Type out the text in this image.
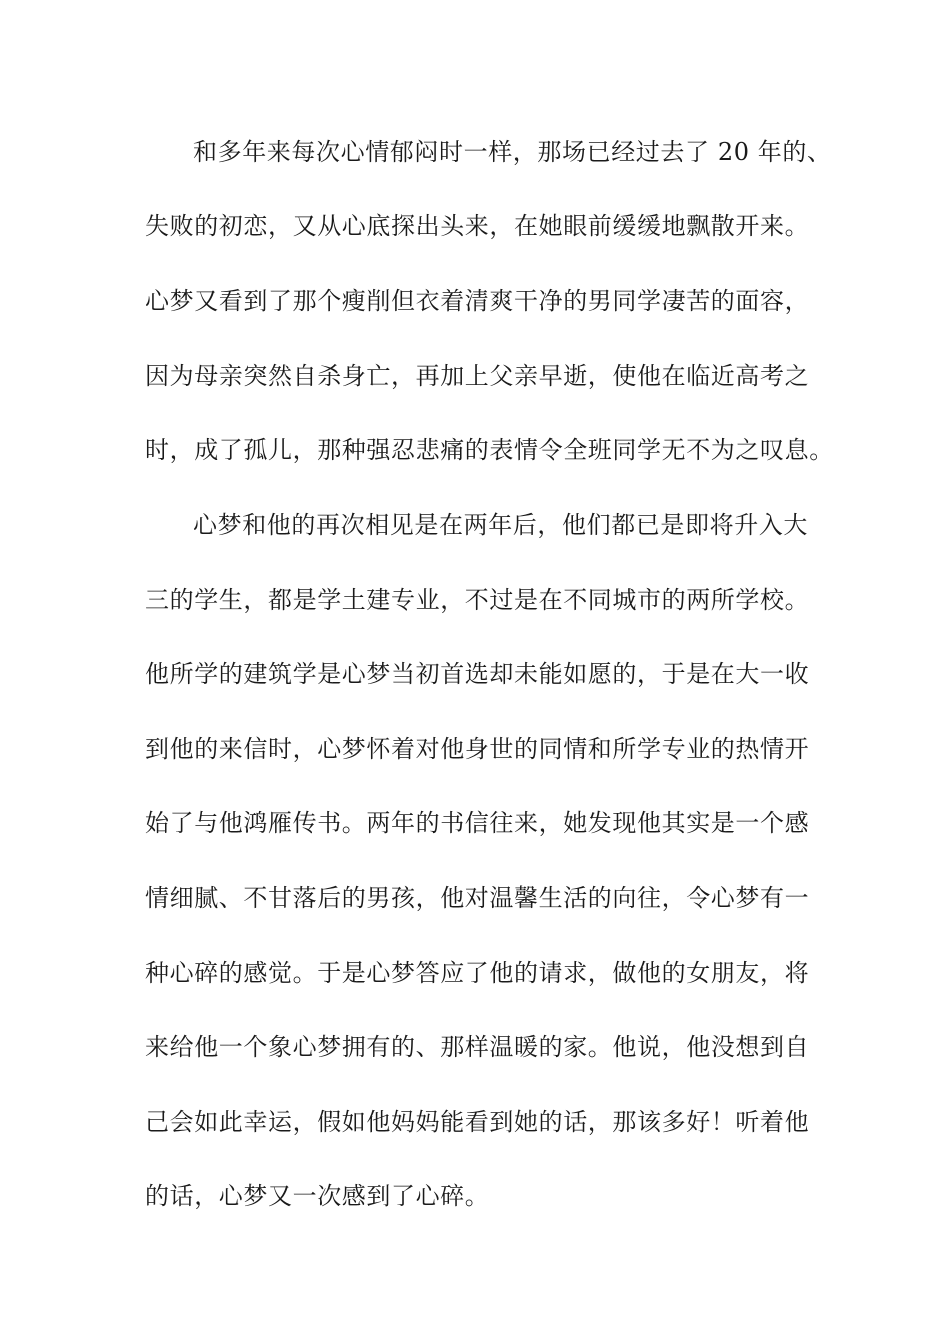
和多年来每次心情郁闷时一样，那场已经过去了 20 年的、
失败的初恋，又从心底探出头来，在她眼前缓缓地飘散开来。
心梦又看到了那个瘦削但衣着清爽干净的男同学凄苦的面容，
因为母亲突然自杀身亡，再加上父亲早逝，使他在临近高考之
时，成了孤儿，那种强忍悲痛的表情令全班同学无不为之叹息。
心梦和他的再次相见是在两年后，他们都已是即将升入大
三的学生，都是学土建专业，不过是在不同城市的两所学校。
他所学的建筑学是心梦当初首选却未能如愿的，于是在大一收
到他的来信时，心梦怀着对他身世的同情和所学专业的热情开
始了与他鸿雁传书。两年的书信往来，她发现他其实是一个感
情细腻、不甘落后的男孩，他对温馨生活的向往，令心梦有一
种心碎的感觉。于是心梦答应了他的请求，做他的女朋友，将
来给他一个象心梦拥有的、那样温暖的家。他说，他没想到自
己会如此幸运，假如他妈妈能看到她的话，那该多好！听着他
的话，心梦又一次感到了心碎。
